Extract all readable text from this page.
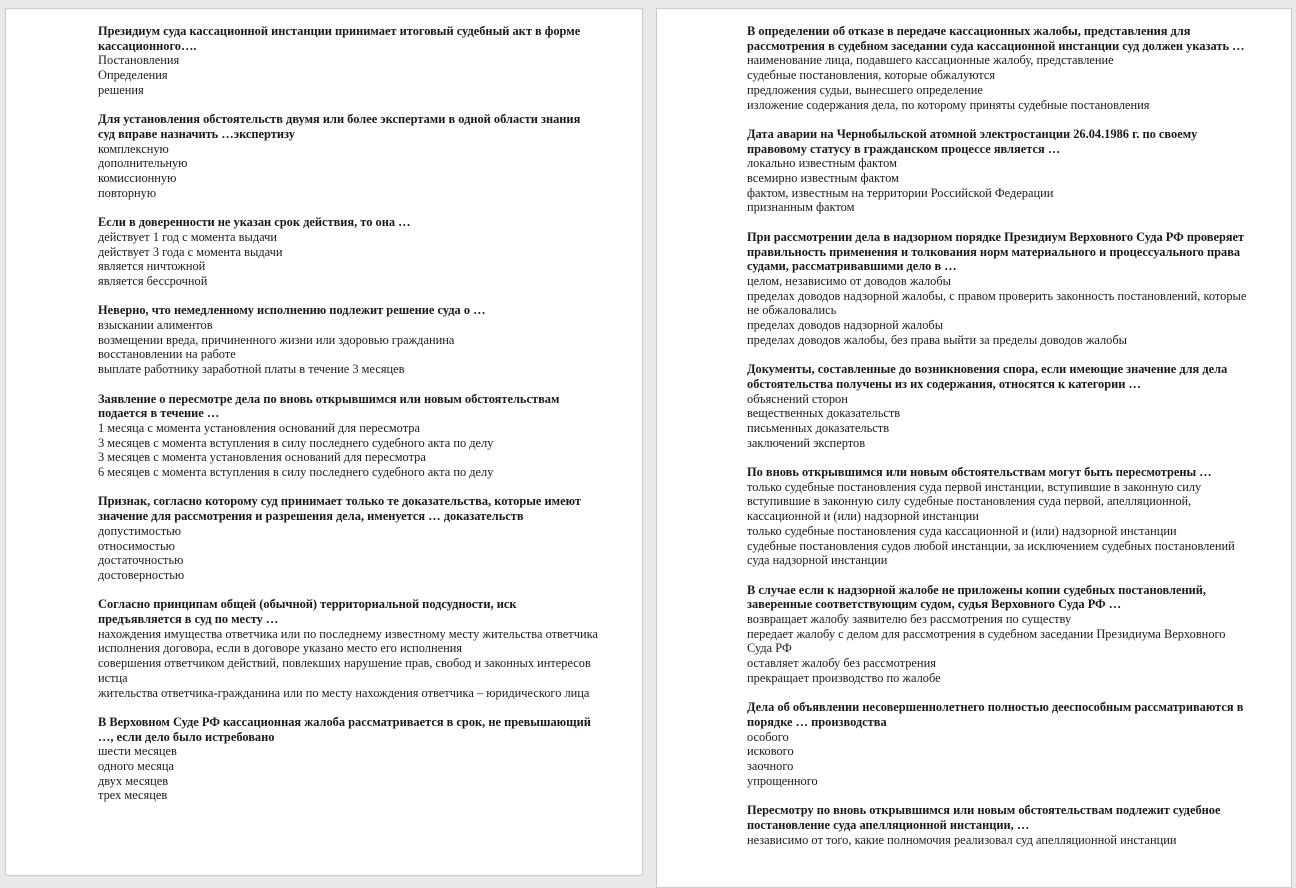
Президиум суда кассационной инстанции принимает итоговый судебный акт в форме кассационного….

Постановления
Определения
решения

Для установления обстоятельств двумя или более экспертами в одной области знания суд вправе назначить …экспертизу

комплексную
дополнительную
комиссионную
повторную

Если в доверенности не указан срок действия, то она …

действует 1 год с момента выдачи
действует 3 года с момента выдачи
является ничтожной
является бессрочной

Неверно, что немедленному исполнению подлежит решение суда о …

взыскании алиментов
возмещении вреда, причиненного жизни или здоровью гражданина
восстановлении на работе
выплате работнику заработной платы в течение 3 месяцев

Заявление о пересмотре дела по вновь открывшимся или новым обстоятельствам подается в течение …

1 месяца с момента установления оснований для пересмотра
3 месяцев с момента вступления в силу последнего судебного акта по делу
3 месяцев с момента установления оснований для пересмотра
6 месяцев с момента вступления в силу последнего судебного акта по делу

Признак, согласно которому суд принимает только те доказательства, которые имеют значение для рассмотрения и разрешения дела, именуется … доказательств

допустимостью
относимостью
достаточностью
достоверностью

Согласно принципам общей (обычной) территориальной подсудности, иск предъявляется в суд по месту …

нахождения имущества ответчика или по последнему известному месту жительства ответчика
исполнения договора, если в договоре указано место его исполнения
совершения ответчиком действий, повлекших нарушение прав, свобод и законных интересов истца
жительства ответчика-гражданина или по месту нахождения ответчика – юридического лица

В Верховном Суде РФ кассационная жалоба рассматривается в срок, не превышающий …, если дело было истребовано

шести месяцев
одного месяца
двух месяцев
трех месяцев

В определении об отказе в передаче кассационных жалобы, представления для рассмотрения в судебном заседании суда кассационной инстанции суд должен указать …

наименование лица, подавшего кассационные жалобу, представление
судебные постановления, которые обжалуются
предложения судьи, вынесшего определение
изложение содержания дела, по которому приняты судебные постановления

Дата аварии на Чернобыльской атомной электростанции 26.04.1986 г. по своему правовому статусу в гражданском процессе является …

локально известным фактом
всемирно известным фактом
фактом, известным на территории Российской Федерации
признанным фактом

При рассмотрении дела в надзорном порядке Президиум Верховного Суда РФ проверяет правильность применения и толкования норм материального и процессуального права судами, рассматривавшими дело в …

целом, независимо от доводов жалобы
пределах доводов надзорной жалобы, с правом проверить законность постановлений, которые не обжаловались
пределах доводов надзорной жалобы
пределах доводов жалобы, без права выйти за пределы доводов жалобы

Документы, составленные до возникновения спора, если имеющие значение для дела обстоятельства получены из их содержания, относятся к категории …

объяснений сторон
вещественных доказательств
письменных доказательств
заключений экспертов

По вновь открывшимся или новым обстоятельствам могут быть пересмотрены …

только судебные постановления суда первой инстанции, вступившие в законную силу
вступившие в законную силу судебные постановления суда первой, апелляционной, кассационной и (или) надзорной инстанции
только судебные постановления суда кассационной и (или) надзорной инстанции
судебные постановления судов любой инстанции, за исключением судебных постановлений суда надзорной инстанции

В случае если к надзорной жалобе не приложены копии судебных постановлений, заверенные соответствующим судом, судья Верховного Суда РФ …

возвращает жалобу заявителю без рассмотрения по существу
передает жалобу с делом для рассмотрения в судебном заседании Президиума Верховного Суда РФ
оставляет жалобу без рассмотрения
прекращает производство по жалобе

Дела об объявлении несовершеннолетнего полностью дееспособным рассматриваются в порядке … производства

особого
искового
заочного
упрощенного

Пересмотру по вновь открывшимся или новым обстоятельствам подлежит судебное постановление суда апелляционной инстанции, …

независимо от того, какие полномочия реализовал суд апелляционной инстанции
